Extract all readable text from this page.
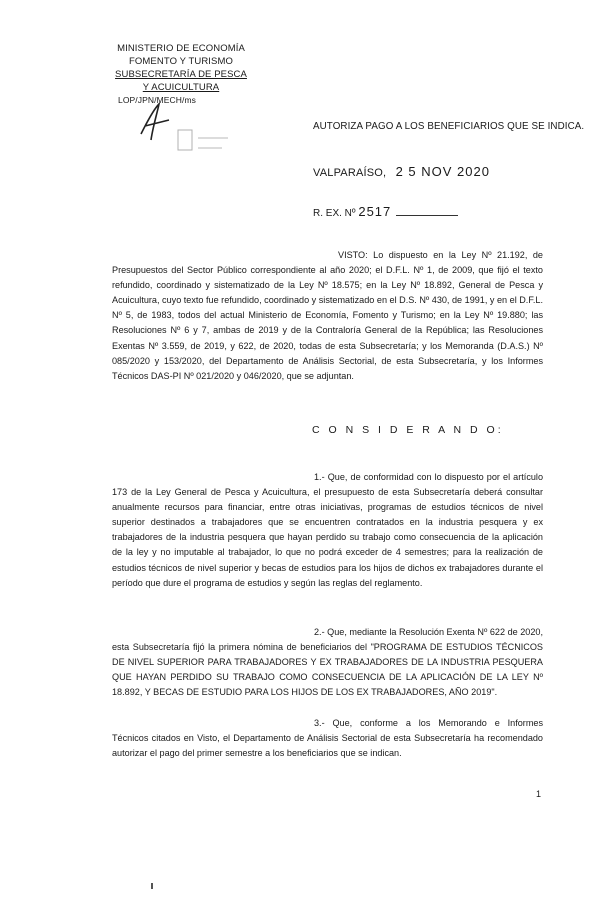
MINISTERIO DE ECONOMÍA
FOMENTO Y TURISMO
SUBSECRETARÍA DE PESCA
Y ACUICULTURA
LOP/JPN/MECH/ms
AUTORIZA PAGO A LOS BENEFICIARIOS QUE SE INDICA.
VALPARAÍSO, 2 5 NOV 2020
R. EX. Nº 2517
VISTO: Lo dispuesto en la Ley Nº 21.192, de Presupuestos del Sector Público correspondiente al año 2020; el D.F.L. Nº 1, de 2009, que fijó el texto refundido, coordinado y sistematizado de la Ley Nº 18.575; en la Ley Nº 18.892, General de Pesca y Acuicultura, cuyo texto fue refundido, coordinado y sistematizado en el D.S. Nº 430, de 1991, y en el D.F.L. Nº 5, de 1983, todos del actual Ministerio de Economía, Fomento y Turismo; en la Ley Nº 19.880; las Resoluciones Nº 6 y 7, ambas de 2019 y de la Contraloría General de la República; las Resoluciones Exentas Nº 3.559, de 2019, y 622, de 2020, todas de esta Subsecretaría; y los Memoranda (D.A.S.) Nº 085/2020 y 153/2020, del Departamento de Análisis Sectorial, de esta Subsecretaría, y los Informes Técnicos DAS-PI Nº 021/2020 y 046/2020, que se adjuntan.
C O N S I D E R A N D O:
1.- Que, de conformidad con lo dispuesto por el artículo 173 de la Ley General de Pesca y Acuicultura, el presupuesto de esta Subsecretaría deberá consultar anualmente recursos para financiar, entre otras iniciativas, programas de estudios técnicos de nivel superior destinados a trabajadores que se encuentren contratados en la industria pesquera y ex trabajadores de la industria pesquera que hayan perdido su trabajo como consecuencia de la aplicación de la ley y no imputable al trabajador, lo que no podrá exceder de 4 semestres; para la realización de estudios técnicos de nivel superior y becas de estudios para los hijos de dichos ex trabajadores durante el período que dure el programa de estudios y según las reglas del reglamento.
2.- Que, mediante la Resolución Exenta Nº 622 de 2020, esta Subsecretaría fijó la primera nómina de beneficiarios del "PROGRAMA DE ESTUDIOS TÉCNICOS DE NIVEL SUPERIOR PARA TRABAJADORES Y EX TRABAJADORES DE LA INDUSTRIA PESQUERA QUE HAYAN PERDIDO SU TRABAJO COMO CONSECUENCIA DE LA APLICACIÓN DE LA LEY Nº 18.892, Y BECAS DE ESTUDIO PARA LOS HIJOS DE LOS EX TRABAJADORES, AÑO 2019".
3.- Que, conforme a los Memorando e Informes Técnicos citados en Visto, el Departamento de Análisis Sectorial de esta Subsecretaría ha recomendado autorizar el pago del primer semestre a los beneficiarios que se indican.
1
